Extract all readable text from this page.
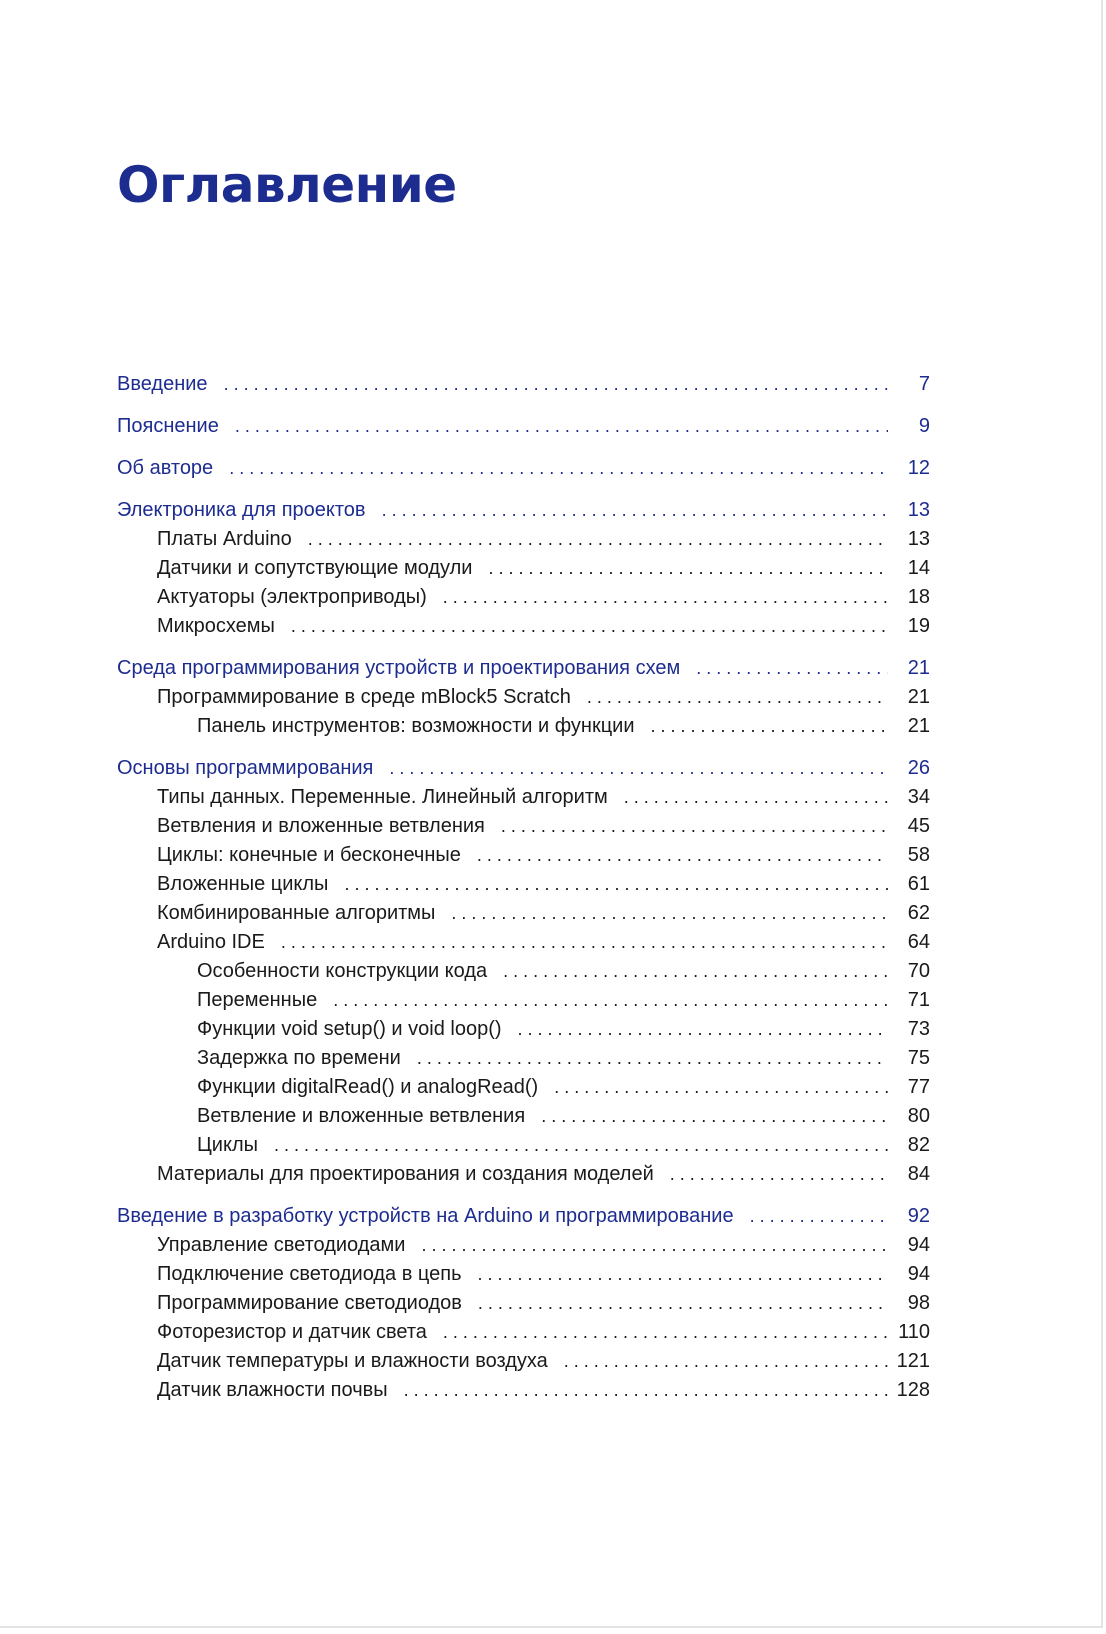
Оглавление
Введение . . .	7
Пояснение . . .	9
Об авторе . . .	12
Электроника для проектов . . .	13
Платы Arduino . . .	13
Датчики и сопутствующие модули . . .	14
Актуаторы (электроприводы) . . .	18
Микросхемы . . .	19
Среда программирования устройств и проектирования схем . . .	21
Программирование в среде mBlock5 Scratch . . .	21
Панель инструментов: возможности и функции . . .	21
Основы программирования . . .	26
Типы данных. Переменные. Линейный алгоритм . . .	34
Ветвления и вложенные ветвления . . .	45
Циклы: конечные и бесконечные . . .	58
Вложенные циклы . . .	61
Комбинированные алгоритмы . . .	62
Arduino IDE . . .	64
Особенности конструкции кода . . .	70
Переменные . . .	71
Функции void setup() и void loop() . . .	73
Задержка по времени . . .	75
Функции digitalRead() и analogRead() . . .	77
Ветвление и вложенные ветвления . . .	80
Циклы . . .	82
Материалы для проектирования и создания моделей . . .	84
Введение в разработку устройств на Arduino и программирование . . .	92
Управление светодиодами . . .	94
Подключение светодиода в цепь . . .	94
Программирование светодиодов . . .	98
Фоторезистор и датчик света . . .	110
Датчик температуры и влажности воздуха . . .	121
Датчик влажности почвы . . .	128
